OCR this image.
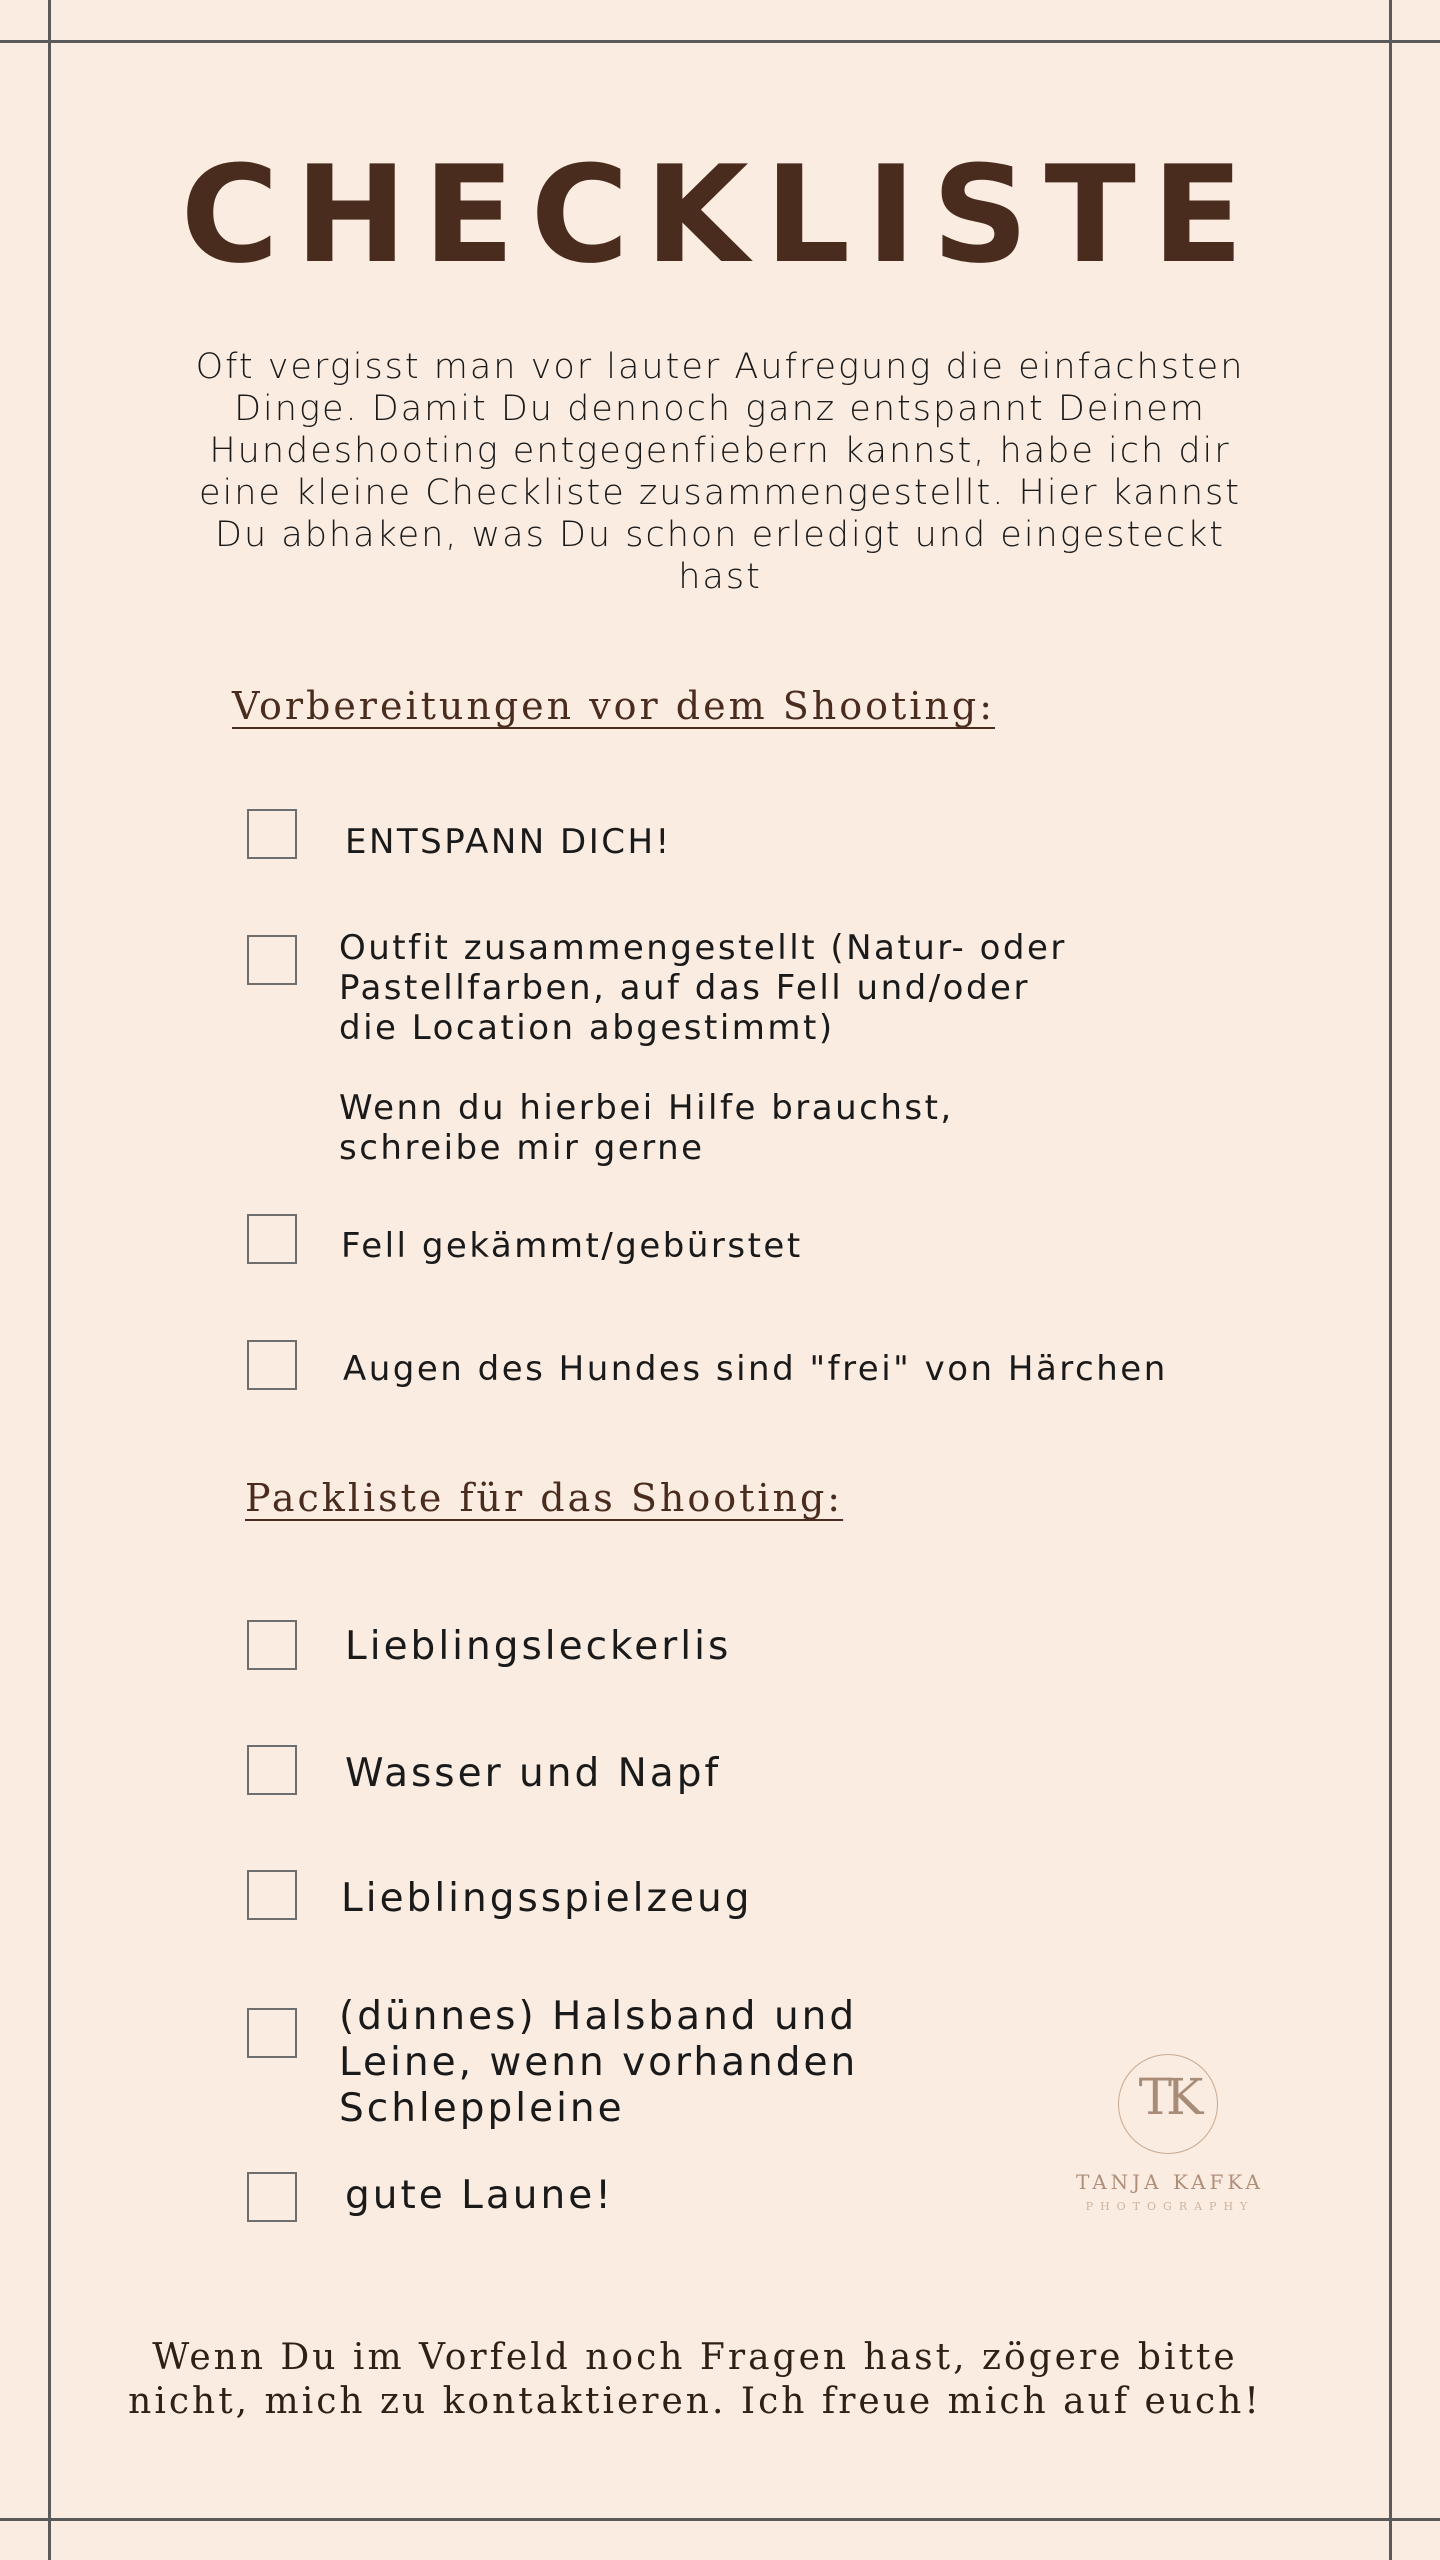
CHECKLISTE

Oft vergisst man vor lauter Aufregung die einfachsten Dinge. Damit Du dennoch ganz entspannt Deinem Hundeshooting entgegenfiebern kannst, habe ich dir eine kleine Checkliste zusammengestellt. Hier kannst Du abhaken, was Du schon erledigt und eingesteckt hast

Vorbereitungen vor dem Shooting:
ENTSPANN DICH!
Outfit zusammengestellt (Natur- oder
Pastellfarben, auf das Fell und/oder
die Location abgestimmt)

Wenn du hierbei Hilfe brauchst,
schreibe mir gerne
Fell gekämmt/gebürstet
Augen des Hundes sind "frei" von Härchen
Packliste für das Shooting:
Lieblingsleckerlis
Wasser und Napf
Lieblingsspielzeug
(dünnes) Halsband und
Leine, wenn vorhanden
Schleppleine
gute Laune!
TK
TANJA KAFKA
PHOTOGRAPHY

Wenn Du im Vorfeld noch Fragen hast, zögere bitte nicht, mich zu kontaktieren. Ich freue mich auf euch!
